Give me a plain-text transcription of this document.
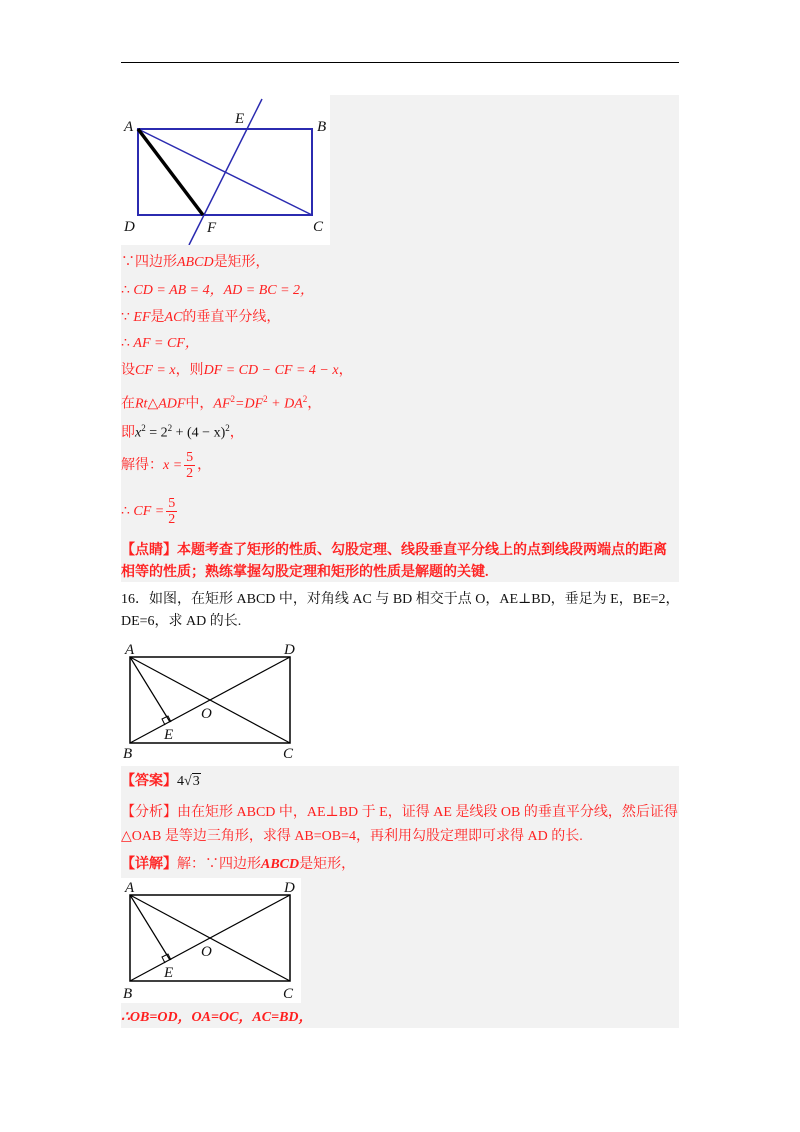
A	E	B
D	F	C
∵四边形ABCD是矩形，
∴ CD = AB = 4，AD = BC = 2，
∵ EF是AC的垂直平分线，
∴ AF = CF，
设CF = x，则DF = CD − CF = 4 − x，
在Rt△ADF中，$AF^2=DF^2 + DA^2$，
即$x^2 = 2^2 + (4 - x)^2$，
解得：$x = \frac{5}{2}$ ，
∴ CF = $\frac{5}{2}$
【点睛】本题考查了矩形的性质、勾股定理、线段垂直平分线上的点到线段两端点的距离
相等的性质；熟练掌握勾股定理和矩形的性质是解题的关键.
16．如图，在矩形 ABCD 中，对角线 AC 与 BD 相交于点 O，AE⊥BD，垂足为 E，BE=2，
DE=6，求 AD 的长.
A	D
O
E
B	C
【答案】4√3
【分析】由在矩形 ABCD 中，AE⊥BD 于 E，证得 AE 是线段 OB 的垂直平分线，然后证得
△OAB 是等边三角形，求得 AB=OB=4，再利用勾股定理即可求得 AD 的长.
【详解】解：∵四边形ABCD是矩形，
A	D
O
E
B	C
∴OB=OD，OA=OC，AC=BD，
